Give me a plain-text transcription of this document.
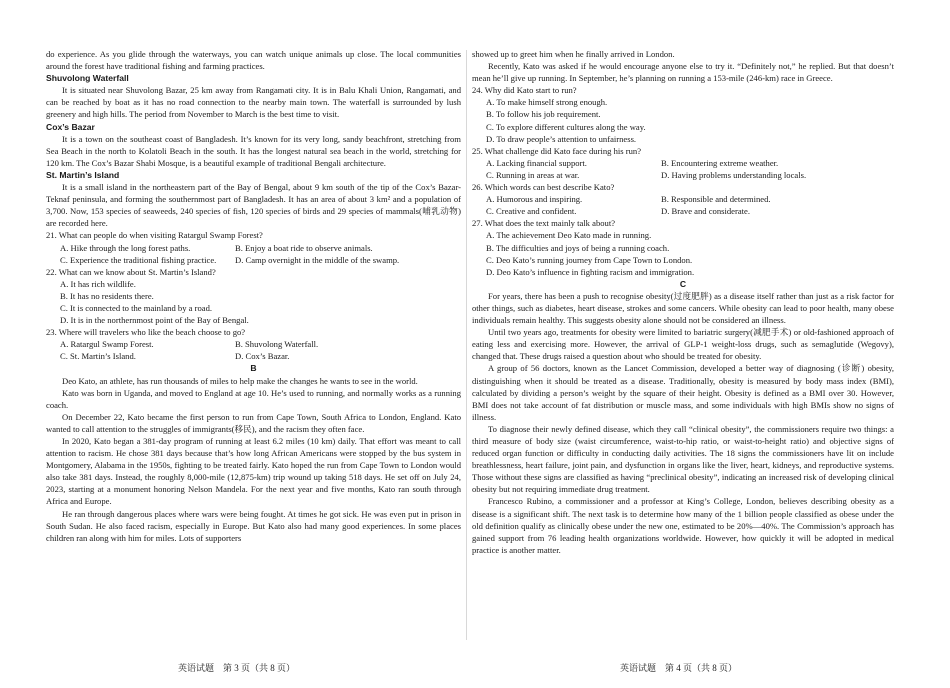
do experience. As you glide through the waterways, you can watch unique animals up close. The local communities around the forest have traditional fishing and farming practices.

Shuvolong Waterfall

It is situated near Shuvolong Bazar, 25 km away from Rangamati city. It is in Balu Khali Union, Rangamati, and can be reached by boat as it has no road connection to the nearby main town. The waterfall is surrounded by lush greenery and high hills. The period from November to March is the best time to visit.

Cox’s Bazar

It is a town on the southeast coast of Bangladesh. It’s known for its very long, sandy beachfront, stretching from Sea Beach in the north to Kolatoli Beach in the south. It has the longest natural sea beach in the world, stretching for 120 km. The Cox’s Bazar Shabi Mosque, is a beautiful example of traditional Bengali architecture.

St. Martin’s Island

It is a small island in the northeastern part of the Bay of Bengal, about 9 km south of the tip of the Cox’s Bazar-Teknaf peninsula, and forming the southernmost part of Bangladesh. It has an area of about 3 km² and a population of 3,700. Now, 153 species of seaweeds, 240 species of fish, 120 species of birds and 29 species of mammals(哺乳动物) are recorded here.

21. What can people do when visiting Ratargul Swamp Forest?

A. Hike through the long forest paths.	B. Enjoy a boat ride to observe animals.
C. Experience the traditional fishing practice.	D. Camp overnight in the middle of the swamp.

22. What can we know about St. Martin’s Island?

A. It has rich wildlife.

B. It has no residents there.

C. It is connected to the mainland by a road.

D. It is in the northernmost point of the Bay of Bengal.

23. Where will travelers who like the beach choose to go?

A. Ratargul Swamp Forest.	B. Shuvolong Waterfall.
C. St. Martin’s Island.	D. Cox’s Bazar.

B

Deo Kato, an athlete, has run thousands of miles to help make the changes he wants to see in the world.

Kato was born in Uganda, and moved to England at age 10. He’s used to running, and normally works as a running coach.

On December 22, Kato became the first person to run from Cape Town, South Africa to London, England. Kato wanted to call attention to the struggles of immigrants(移民), and the racism they often face.

In 2020, Kato began a 381-day program of running at least 6.2 miles (10 km) daily. That effort was meant to call attention to racism. He chose 381 days because that’s how long African Americans were stopped by the bus system in Montgomery, Alabama in the 1950s, fighting to be treated fairly. Kato hoped the run from Cape Town to London would also take 381 days. Instead, the roughly 8,000-mile (12,875-km) trip wound up taking 518 days. He set off on July 24, 2023, starting at a monument honoring Nelson Mandela. For the next year and five months, Kato ran south through Africa and Europe.

He ran through dangerous places where wars were being fought. At times he got sick. He was even put in prison in South Sudan. He also faced racism, especially in Europe. But Kato also had many good experiences. In some places children ran along with him for miles. Lots of supporters

showed up to greet him when he finally arrived in London.

Recently, Kato was asked if he would encourage anyone else to try it. “Definitely not,” he replied. But that doesn’t mean he’ll give up running. In September, he’s planning on running a 153-mile (246-km) race in Greece.

24. Why did Kato start to run?

A. To make himself strong enough.

B. To follow his job requirement.

C. To explore different cultures along the way.

D. To draw people’s attention to unfairness.

25. What challenge did Kato face during his run?

A. Lacking financial support.	B. Encountering extreme weather.
C. Running in areas at war.	D. Having problems understanding locals.

26. Which words can best describe Kato?

A. Humorous and inspiring.	B. Responsible and determined.
C. Creative and confident.	D. Brave and considerate.

27. What does the text mainly talk about?

A. The achievement Deo Kato made in running.

B. The difficulties and joys of being a running coach.

C. Deo Kato’s running journey from Cape Town to London.

D. Deo Kato’s influence in fighting racism and immigration.

C

For years, there has been a push to recognise obesity(过度肥胖) as a disease itself rather than just as a risk factor for other things, such as diabetes, heart disease, strokes and some cancers. While obesity can lead to poor health, many obese individuals remain healthy. This suggests obesity alone should not be considered an illness.

Until two years ago, treatments for obesity were limited to bariatric surgery(减肥手术) or old-fashioned approach of eating less and exercising more. However, the arrival of GLP-1 weight-loss drugs, such as semaglutide (Wegovy), changed that. These drugs raised a question about who should be treated for obesity.

A group of 56 doctors, known as the Lancet Commission, developed a better way of diagnosing (诊断) obesity, distinguishing when it should be treated as a disease. Traditionally, obesity is measured by body mass index (BMI), calculated by dividing a person’s weight by the square of their height. Obesity is defined as a BMI over 30. However, BMI does not take account of fat distribution or muscle mass, and some individuals with high BMIs show no signs of illness.

To diagnose their newly defined disease, which they call “clinical obesity”, the commissioners require two things: a third measure of body size (waist circumference, waist-to-hip ratio, or waist-to-height ratio) and objective signs of reduced organ function or difficulty in conducting daily activities. The 18 signs the commissioners have lit on include breathlessness, heart failure, joint pain, and dysfunction in organs like the liver, heart, kidneys, and reproductive systems. Those without these signs are classified as having “preclinical obesity”, indicating an increased risk of developing clinical obesity but not requiring immediate drug treatment.

Francesco Rubino, a commissioner and a professor at King’s College, London, believes describing obesity as a disease is a significant shift. The next task is to determine how many of the 1 billion people classified as obese under the old definition qualify as clinically obese under the new one, estimated to be 20%—40%. The Commission’s approach has gained support from 76 leading health organizations worldwide. However, how quickly it will be adopted in medical practice is another matter.

英语试题　第 3 页（共 8 页）	英语试题　第 4 页（共 8 页）
